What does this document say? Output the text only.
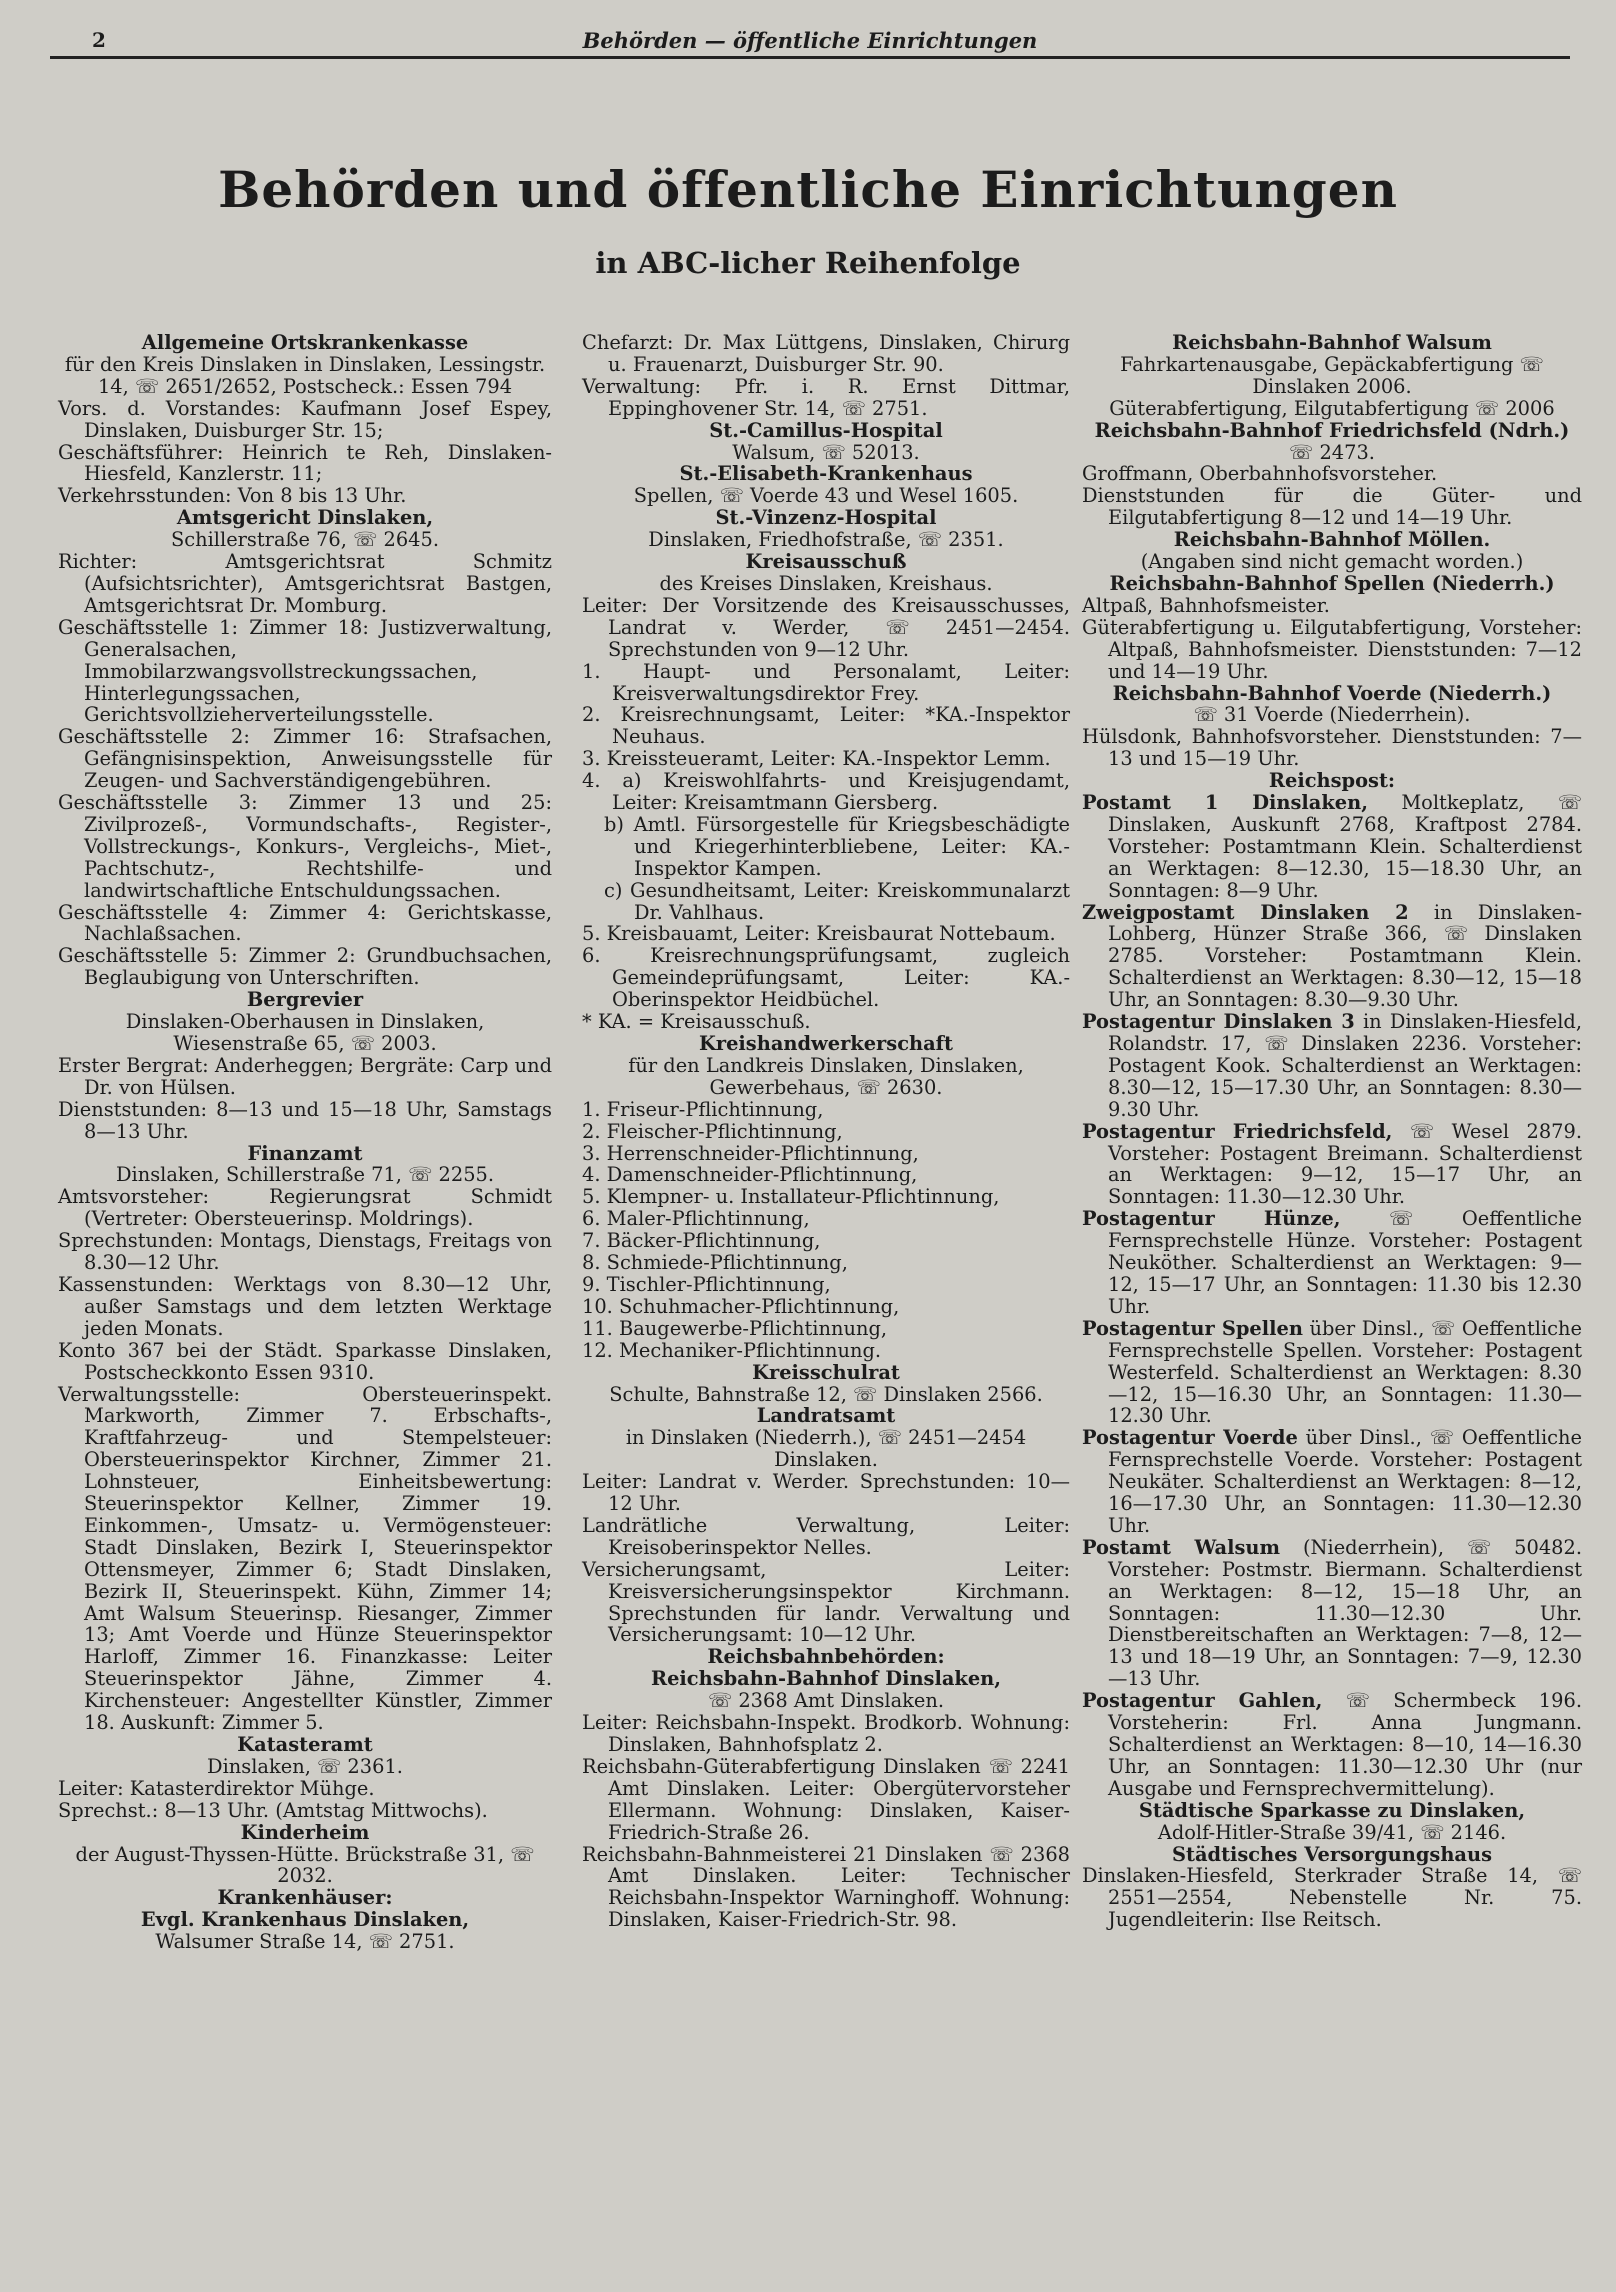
2	Behörden — öffentliche Einrichtungen
Behörden und öffentliche Einrichtungen
in ABC-licher Reihenfolge

Allgemeine Ortskrankenkasse

für den Kreis Dinslaken in Dinslaken, Lessingstr. 14, ☏ 2651/2652, Postscheck.: Essen 794

Vors. d. Vorstandes: Kaufmann Josef Espey, Dinslaken, Duisburger Str. 15;

Geschäftsführer: Heinrich te Reh, Dinslaken-Hiesfeld, Kanzlerstr. 11;

Verkehrsstunden: Von 8 bis 13 Uhr.

Amtsgericht Dinslaken,

Schillerstraße 76, ☏ 2645.

Richter: Amtsgerichtsrat Schmitz (Aufsichtsrichter), Amtsgerichtsrat Bastgen, Amtsgerichtsrat Dr. Momburg.

Geschäftsstelle 1: Zimmer 18: Justizverwaltung, Generalsachen, Immobilarzwangsvollstreckungssachen, Hinterlegungssachen, Gerichtsvollzieherverteilungsstelle.

Geschäftsstelle 2: Zimmer 16: Strafsachen, Gefängnisinspektion, Anweisungsstelle für Zeugen- und Sachverständigengebühren.

Geschäftsstelle 3: Zimmer 13 und 25: Zivilprozeß-, Vormundschafts-, Register-, Vollstreckungs-, Konkurs-, Vergleichs-, Miet-, Pachtschutz-, Rechtshilfe- und landwirtschaftliche Entschuldungssachen.

Geschäftsstelle 4: Zimmer 4: Gerichtskasse, Nachlaßsachen.

Geschäftsstelle 5: Zimmer 2: Grundbuchsachen, Beglaubigung von Unterschriften.

Bergrevier

Dinslaken-Oberhausen in Dinslaken, Wiesenstraße 65, ☏ 2003.

Erster Bergrat: Anderheggen; Bergräte: Carp und Dr. von Hülsen.

Dienststunden: 8—13 und 15—18 Uhr, Samstags 8—13 Uhr.

Finanzamt

Dinslaken, Schillerstraße 71, ☏ 2255.

Amtsvorsteher: Regierungsrat Schmidt (Vertreter: Obersteuerinsp. Moldrings).

Sprechstunden: Montags, Dienstags, Freitags von 8.30—12 Uhr.

Kassenstunden: Werktags von 8.30—12 Uhr, außer Samstags und dem letzten Werktage jeden Monats.

Konto 367 bei der Städt. Sparkasse Dinslaken, Postscheckkonto Essen 9310.

Verwaltungsstelle: Obersteuerinspekt. Markworth, Zimmer 7. Erbschafts-, Kraftfahrzeug- und Stempelsteuer: Obersteuerinspektor Kirchner, Zimmer 21. Lohnsteuer, Einheitsbewertung: Steuerinspektor Kellner, Zimmer 19. Einkommen-, Umsatz- u. Vermögensteuer: Stadt Dinslaken, Bezirk I, Steuerinspektor Ottensmeyer, Zimmer 6; Stadt Dinslaken, Bezirk II, Steuerinspekt. Kühn, Zimmer 14; Amt Walsum Steuerinsp. Riesanger, Zimmer 13; Amt Voerde und Hünze Steuerinspektor Harloff, Zimmer 16. Finanzkasse: Leiter Steuerinspektor Jähne, Zimmer 4. Kirchensteuer: Angestellter Künstler, Zimmer 18. Auskunft: Zimmer 5.

Katasteramt

Dinslaken, ☏ 2361.

Leiter: Katasterdirektor Mühge.

Sprechst.: 8—13 Uhr. (Amtstag Mittwochs).

Kinderheim

der August-Thyssen-Hütte. Brückstraße 31, ☏ 2032.

Krankenhäuser:

Evgl. Krankenhaus Dinslaken,

Walsumer Straße 14, ☏ 2751.

Chefarzt: Dr. Max Lüttgens, Dinslaken, Chirurg u. Frauenarzt, Duisburger Str. 90.

Verwaltung: Pfr. i. R. Ernst Dittmar, Eppinghovener Str. 14, ☏ 2751.

St.-Camillus-Hospital

Walsum, ☏ 52013.

St.-Elisabeth-Krankenhaus

Spellen, ☏ Voerde 43 und Wesel 1605.

St.-Vinzenz-Hospital

Dinslaken, Friedhofstraße, ☏ 2351.

Kreisausschuß

des Kreises Dinslaken, Kreishaus.

Leiter: Der Vorsitzende des Kreisausschusses, Landrat v. Werder, ☏ 2451—2454. Sprechstunden von 9—12 Uhr.

1. Haupt- und Personalamt, Leiter: Kreisverwaltungsdirektor Frey.

2. Kreisrechnungsamt, Leiter: *KA.-Inspektor Neuhaus.

3. Kreissteueramt, Leiter: KA.-Inspektor Lemm.

4. a) Kreiswohlfahrts- und Kreisjugendamt, Leiter: Kreisamtmann Giersberg.

b) Amtl. Fürsorgestelle für Kriegsbeschädigte und Kriegerhinterbliebene, Leiter: KA.-Inspektor Kampen.

c) Gesundheitsamt, Leiter: Kreiskommunalarzt Dr. Vahlhaus.

5. Kreisbauamt, Leiter: Kreisbaurat Nottebaum.

6. Kreisrechnungsprüfungsamt, zugleich Gemeindeprüfungsamt, Leiter: KA.-Oberinspektor Heidbüchel.

* KA. = Kreisausschuß.

Kreishandwerkerschaft

für den Landkreis Dinslaken, Dinslaken, Gewerbehaus, ☏ 2630.

1. Friseur-Pflichtinnung,

2. Fleischer-Pflichtinnung,

3. Herrenschneider-Pflichtinnung,

4. Damenschneider-Pflichtinnung,

5. Klempner- u. Installateur-Pflichtinnung,

6. Maler-Pflichtinnung,

7. Bäcker-Pflichtinnung,

8. Schmiede-Pflichtinnung,

9. Tischler-Pflichtinnung,

10. Schuhmacher-Pflichtinnung,

11. Baugewerbe-Pflichtinnung,

12. Mechaniker-Pflichtinnung.

Kreisschulrat

Schulte, Bahnstraße 12, ☏ Dinslaken 2566.

Landratsamt

in Dinslaken (Niederrh.), ☏ 2451—2454 Dinslaken.

Leiter: Landrat v. Werder. Sprechstunden: 10—12 Uhr.

Landrätliche Verwaltung, Leiter: Kreisoberinspektor Nelles.

Versicherungsamt, Leiter: Kreisversicherungsinspektor Kirchmann. Sprechstunden für landr. Verwaltung und Versicherungsamt: 10—12 Uhr.

Reichsbahnbehörden:

Reichsbahn-Bahnhof Dinslaken,

☏ 2368 Amt Dinslaken.

Leiter: Reichsbahn-Inspekt. Brodkorb. Wohnung: Dinslaken, Bahnhofsplatz 2.

Reichsbahn-Güterabfertigung Dinslaken ☏ 2241 Amt Dinslaken. Leiter: Obergütervorsteher Ellermann. Wohnung: Dinslaken, Kaiser-Friedrich-Straße 26.

Reichsbahn-Bahnmeisterei 21 Dinslaken ☏ 2368 Amt Dinslaken. Leiter: Technischer Reichsbahn-Inspektor Warninghoff. Wohnung: Dinslaken, Kaiser-Friedrich-Str. 98.

Reichsbahn-Bahnhof Walsum

Fahrkartenausgabe, Gepäckabfertigung ☏ Dinslaken 2006.

Güterabfertigung, Eilgutabfertigung ☏ 2006

Reichsbahn-Bahnhof Friedrichsfeld (Ndrh.)

☏ 2473.

Groffmann, Oberbahnhofsvorsteher.

Dienststunden für die Güter- und Eilgutabfertigung 8—12 und 14—19 Uhr.

Reichsbahn-Bahnhof Möllen.

(Angaben sind nicht gemacht worden.)

Reichsbahn-Bahnhof Spellen (Niederrh.)

Altpaß, Bahnhofsmeister.

Güterabfertigung u. Eilgutabfertigung, Vorsteher: Altpaß, Bahnhofsmeister. Dienststunden: 7—12 und 14—19 Uhr.

Reichsbahn-Bahnhof Voerde (Niederrh.)

☏ 31 Voerde (Niederrhein).

Hülsdonk, Bahnhofsvorsteher. Dienststunden: 7—13 und 15—19 Uhr.

Reichspost:

Postamt 1 Dinslaken, Moltkeplatz, ☏ Dinslaken, Auskunft 2768, Kraftpost 2784. Vorsteher: Postamtmann Klein. Schalterdienst an Werktagen: 8—12.30, 15—18.30 Uhr, an Sonntagen: 8—9 Uhr.

Zweigpostamt Dinslaken 2 in Dinslaken-Lohberg, Hünzer Straße 366, ☏ Dinslaken 2785. Vorsteher: Postamtmann Klein. Schalterdienst an Werktagen: 8.30—12, 15—18 Uhr, an Sonntagen: 8.30—9.30 Uhr.

Postagentur Dinslaken 3 in Dinslaken-Hiesfeld, Rolandstr. 17, ☏ Dinslaken 2236. Vorsteher: Postagent Kook. Schalterdienst an Werktagen: 8.30—12, 15—17.30 Uhr, an Sonntagen: 8.30—9.30 Uhr.

Postagentur Friedrichsfeld, ☏ Wesel 2879. Vorsteher: Postagent Breimann. Schalterdienst an Werktagen: 9—12, 15—17 Uhr, an Sonntagen: 11.30—12.30 Uhr.

Postagentur Hünze, ☏ Oeffentliche Fernsprechstelle Hünze. Vorsteher: Postagent Neuköther. Schalterdienst an Werktagen: 9—12, 15—17 Uhr, an Sonntagen: 11.30 bis 12.30 Uhr.

Postagentur Spellen über Dinsl., ☏ Oeffentliche Fernsprechstelle Spellen. Vorsteher: Postagent Westerfeld. Schalterdienst an Werktagen: 8.30—12, 15—16.30 Uhr, an Sonntagen: 11.30—12.30 Uhr.

Postagentur Voerde über Dinsl., ☏ Oeffentliche Fernsprechstelle Voerde. Vorsteher: Postagent Neukäter. Schalterdienst an Werktagen: 8—12, 16—17.30 Uhr, an Sonntagen: 11.30—12.30 Uhr.

Postamt Walsum (Niederrhein), ☏ 50482. Vorsteher: Postmstr. Biermann. Schalterdienst an Werktagen: 8—12, 15—18 Uhr, an Sonntagen: 11.30—12.30 Uhr. Dienstbereitschaften an Werktagen: 7—8, 12—13 und 18—19 Uhr, an Sonntagen: 7—9, 12.30—13 Uhr.

Postagentur Gahlen, ☏ Schermbeck 196. Vorsteherin: Frl. Anna Jungmann. Schalterdienst an Werktagen: 8—10, 14—16.30 Uhr, an Sonntagen: 11.30—12.30 Uhr (nur Ausgabe und Fernsprechvermittelung).

Städtische Sparkasse zu Dinslaken,

Adolf-Hitler-Straße 39/41, ☏ 2146.

Städtisches Versorgungshaus

Dinslaken-Hiesfeld, Sterkrader Straße 14, ☏ 2551—2554, Nebenstelle Nr. 75. Jugendleiterin: Ilse Reitsch.
